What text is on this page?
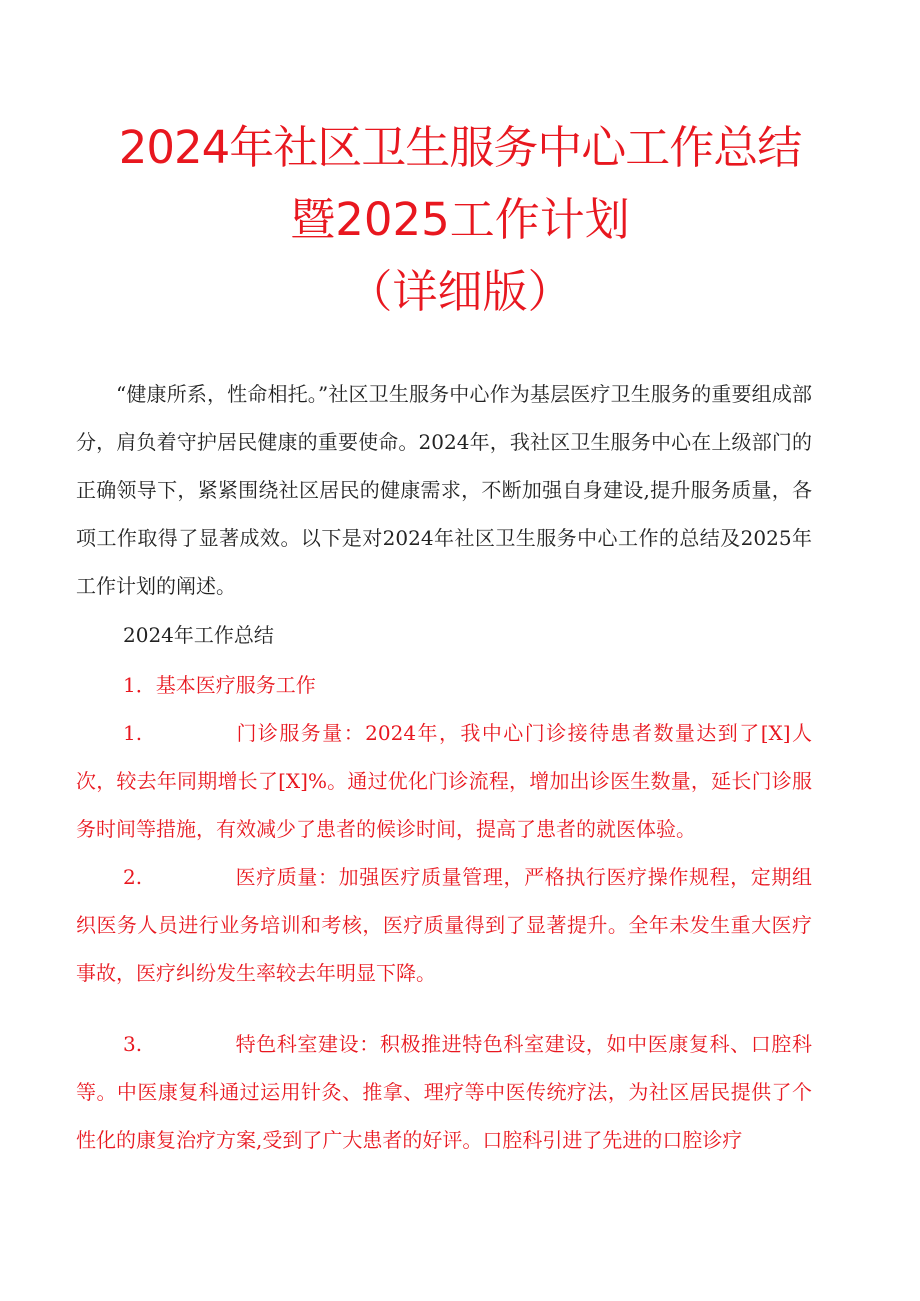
2024年社区卫生服务中心工作总结
暨2025工作计划
（详细版）

“健康所系，性命相托。”社区卫生服务中心作为基层医疗卫生服务的重要组成部分，肩负着守护居民健康的重要使命。2024年，我社区卫生服务中心在上级部门的正确领导下，紧紧围绕社区居民的健康需求，不断加强自身建设,提升服务质量，各项工作取得了显著成效。以下是对2024年社区卫生服务中心工作的总结及2025年工作计划的阐述。

2024年工作总结
1．基本医疗服务工作

1.	门诊服务量：2024年，我中心门诊接待患者数量达到了[X]人次，较去年同期增长了[X]%。通过优化门诊流程，增加出诊医生数量，延长门诊服务时间等措施，有效减少了患者的候诊时间，提高了患者的就医体验。

2.	医疗质量：加强医疗质量管理，严格执行医疗操作规程，定期组织医务人员进行业务培训和考核，医疗质量得到了显著提升。全年未发生重大医疗事故，医疗纠纷发生率较去年明显下降。

3.	特色科室建设：积极推进特色科室建设，如中医康复科、口腔科等。中医康复科通过运用针灸、推拿、理疗等中医传统疗法，为社区居民提供了个性化的康复治疗方案,受到了广大患者的好评。口腔科引进了先进的口腔诊疗
